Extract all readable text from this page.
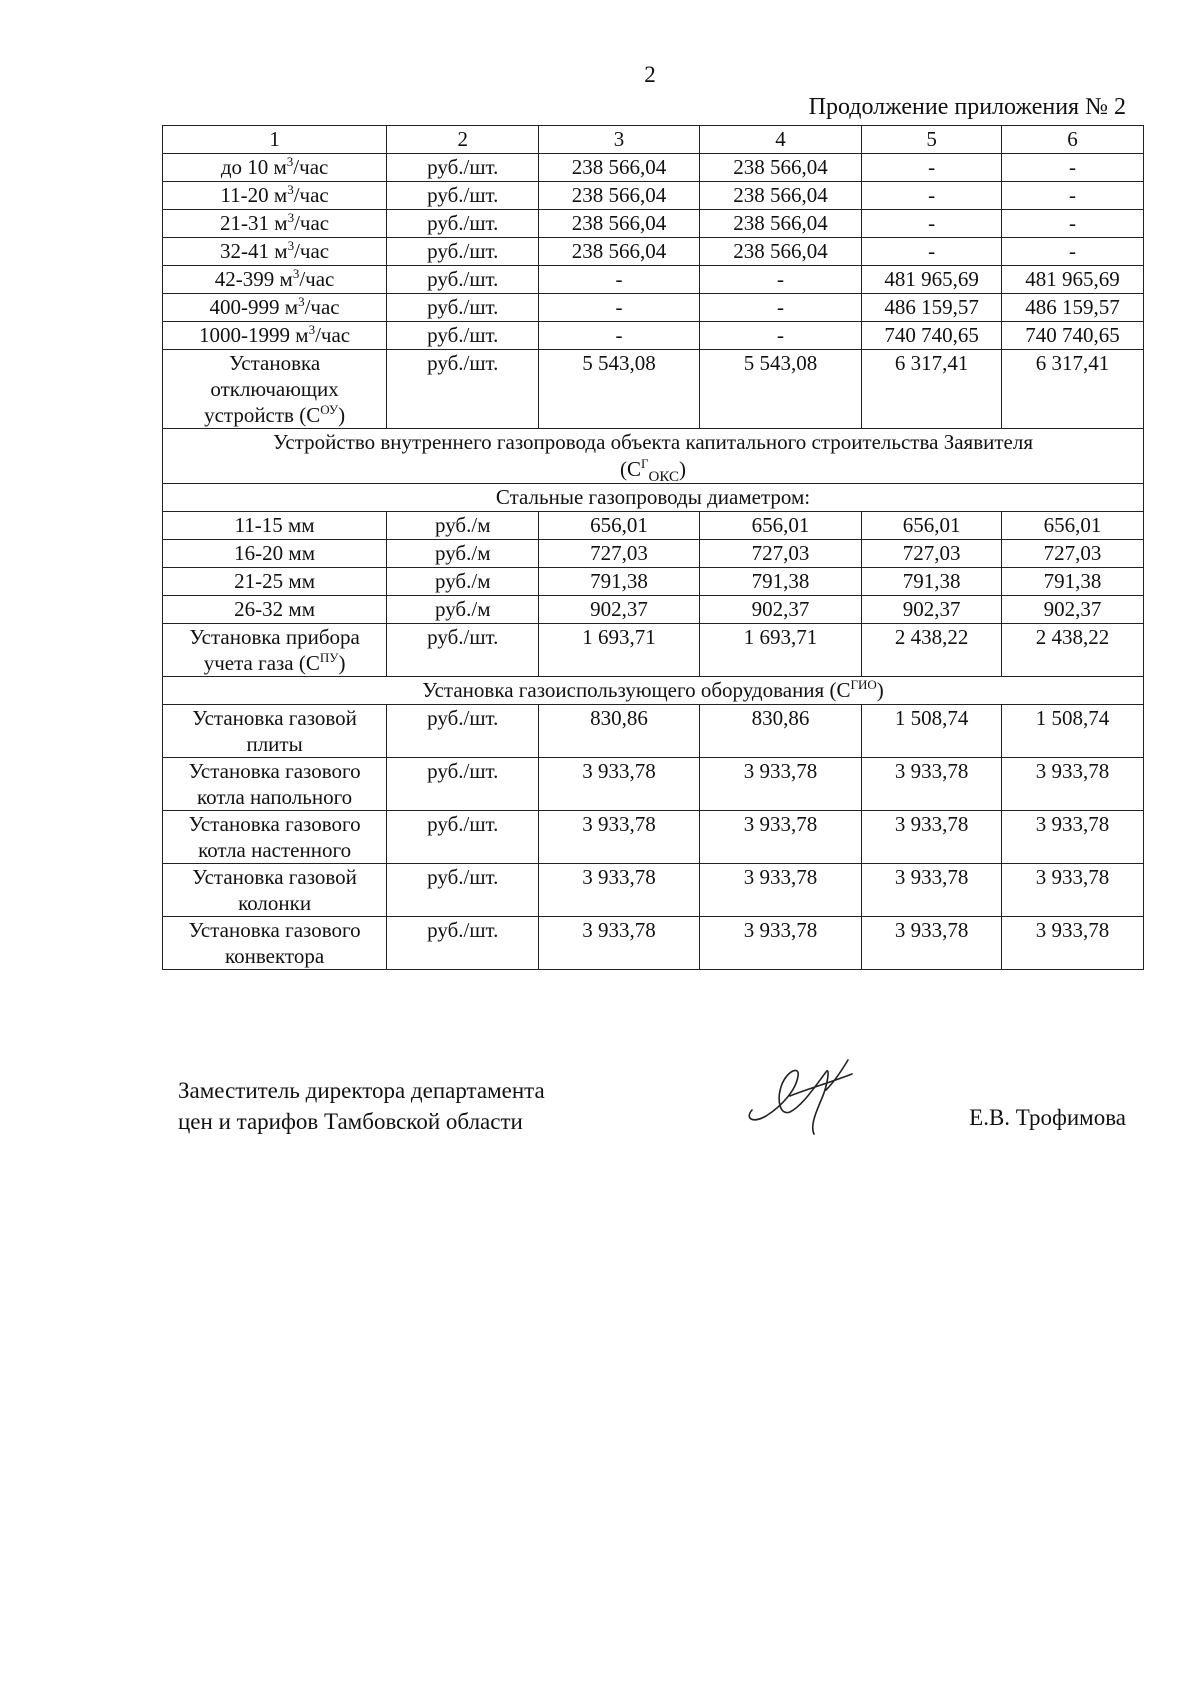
2
Продолжение приложения № 2
1	2	3	4	5	6
до 10 $м^3$/час	руб./шт.	238 566,04	238 566,04	-	-
11-20 $м^3$/час	руб./шт.	238 566,04	238 566,04	-	-
21-31 $м^3$/час	руб./шт.	238 566,04	238 566,04	-	-
32-41 $м^3$/час	руб./шт.	238 566,04	238 566,04	-	-
42-399 $м^3$/час	руб./шт.	-	-	481 965,69	481 965,69
400-999 $м^3$/час	руб./шт.	-	-	486 159,57	486 159,57
1000-1999 $м^3$/час	руб./шт.	-	-	740 740,65	740 740,65

Установка
отключающих
устройств $(С^{ОУ})$	руб./шт.	5 543,08	5 543,08	6 317,41	6 317,41

Устройство внутреннего газопровода объекта капитального строительства Заявителя
$(С^Г_{ОКС})$					

Стальные газопроводы диаметром:					
11-15 мм	руб./м	656,01	656,01	656,01	656,01
16-20 мм	руб./м	727,03	727,03	727,03	727,03
21-25 мм	руб./м	791,38	791,38	791,38	791,38
26-32 мм	руб./м	902,37	902,37	902,37	902,37

Установка прибора
учета газа $(С^{ПУ})$	руб./шт.	1 693,71	1 693,71	2 438,22	2 438,22
Установка газоиспользующего оборудования $(С^{ГИО})$					

Установка газовой
плиты	руб./шт.	830,86	830,86	1 508,74	1 508,74

Установка газового
котла напольного	руб./шт.	3 933,78	3 933,78	3 933,78	3 933,78

Установка газового
котла настенного	руб./шт.	3 933,78	3 933,78	3 933,78	3 933,78

Установка газовой
колонки	руб./шт.	3 933,78	3 933,78	3 933,78	3 933,78

Установка газового
конвектора	руб./шт.	3 933,78	3 933,78	3 933,78	3 933,78
Заместитель директора департамента
цен и тарифов Тамбовской области	Е.В. Трофимова
